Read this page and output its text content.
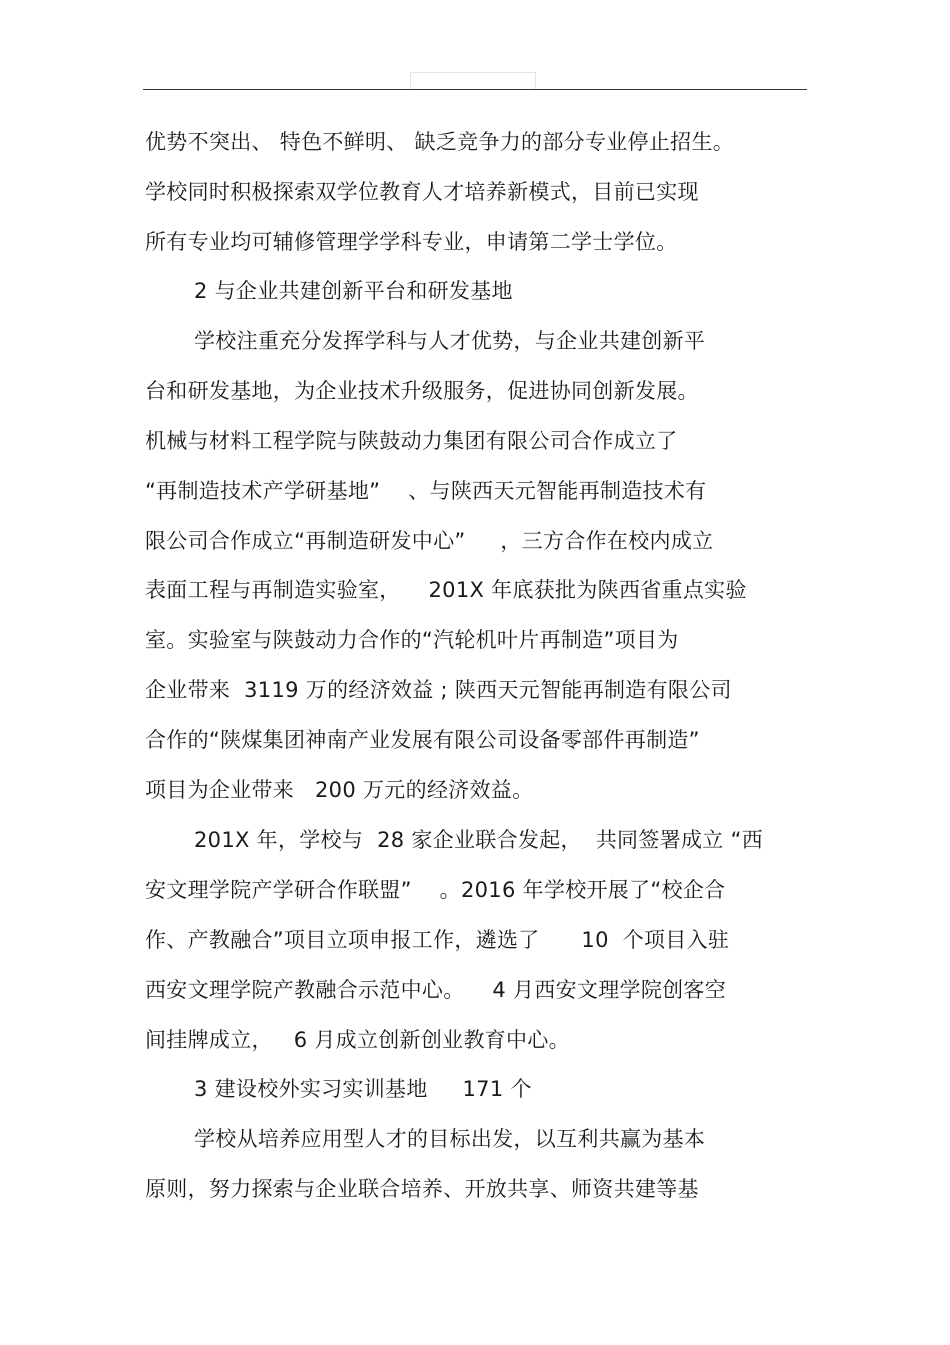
优势不突出、 特色不鲜明、 缺乏竞争力的部分专业停止招生。
学校同时积极探索双学位教育人才培养新模式，目前已实现
所有专业均可辅修管理学学科专业，申请第二学士学位。
2 与企业共建创新平台和研发基地
学校注重充分发挥学科与人才优势，与企业共建创新平
台和研发基地，为企业技术升级服务，促进协同创新发展。
机械与材料工程学院与陕鼓动力集团有限公司合作成立了
“再制造技术产学研基地”    、与陕西天元智能再制造技术有
限公司合作成立“再制造研发中心”     ，三方合作在校内成立
表面工程与再制造实验室，    201X 年底获批为陕西省重点实验
室。实验室与陕鼓动力合作的“汽轮机叶片再制造”项目为
企业带来  3119 万的经济效益 ; 陕西天元智能再制造有限公司
合作的“陕煤集团神南产业发展有限公司设备零部件再制造”
项目为企业带来   200 万元的经济效益。
201X 年，学校与  28 家企业联合发起，  共同签署成立 “西
安文理学院产学研合作联盟”    。2016 年学校开展了“校企合
作、产教融合”项目立项申报工作，遴选了      10  个项目入驻
西安文理学院产教融合示范中心。    4 月西安文理学院创客空
间挂牌成立，   6 月成立创新创业教育中心。
3 建设校外实习实训基地     171 个
学校从培养应用型人才的目标出发，以互利共赢为基本
原则，努力探索与企业联合培养、开放共享、师资共建等基
